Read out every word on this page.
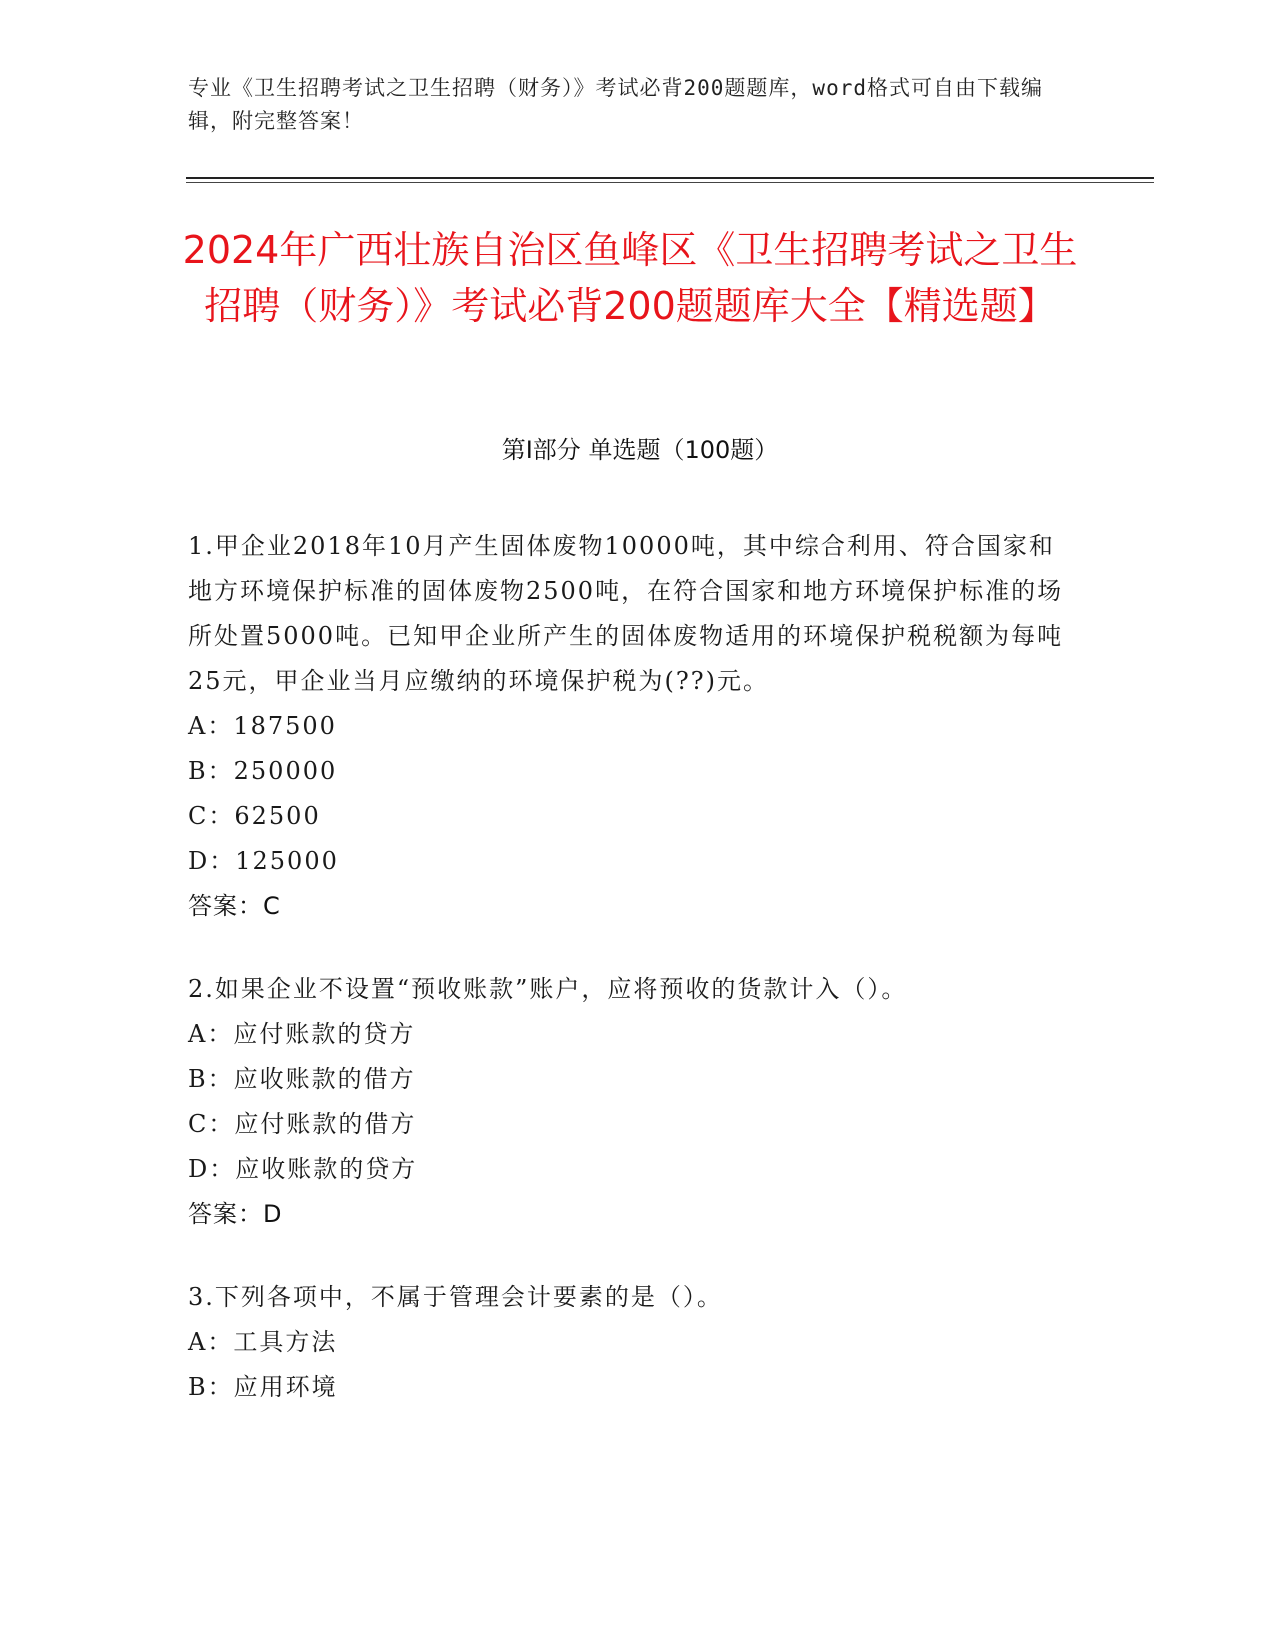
专业《卫生招聘考试之卫生招聘（财务）》考试必背200题题库，word格式可自由下载编辑，附完整答案！
2024年广西壮族自治区鱼峰区《卫生招聘考试之卫生招聘（财务）》考试必背200题题库大全【精选题】
第Ⅰ部分 单选题（100题）
1.甲企业2018年10月产生固体废物10000吨，其中综合利用、符合国家和地方环境保护标准的固体废物2500吨，在符合国家和地方环境保护标准的场所处置5000吨。已知甲企业所产生的固体废物适用的环境保护税税额为每吨25元，甲企业当月应缴纳的环境保护税为(??)元。
A：187500
B：250000
C：62500
D：125000
答案：C
2.如果企业不设置“预收账款”账户，应将预收的货款计入（）。
A：应付账款的贷方
B：应收账款的借方
C：应付账款的借方
D：应收账款的贷方
答案：D
3.下列各项中，不属于管理会计要素的是（）。
A：工具方法
B：应用环境
